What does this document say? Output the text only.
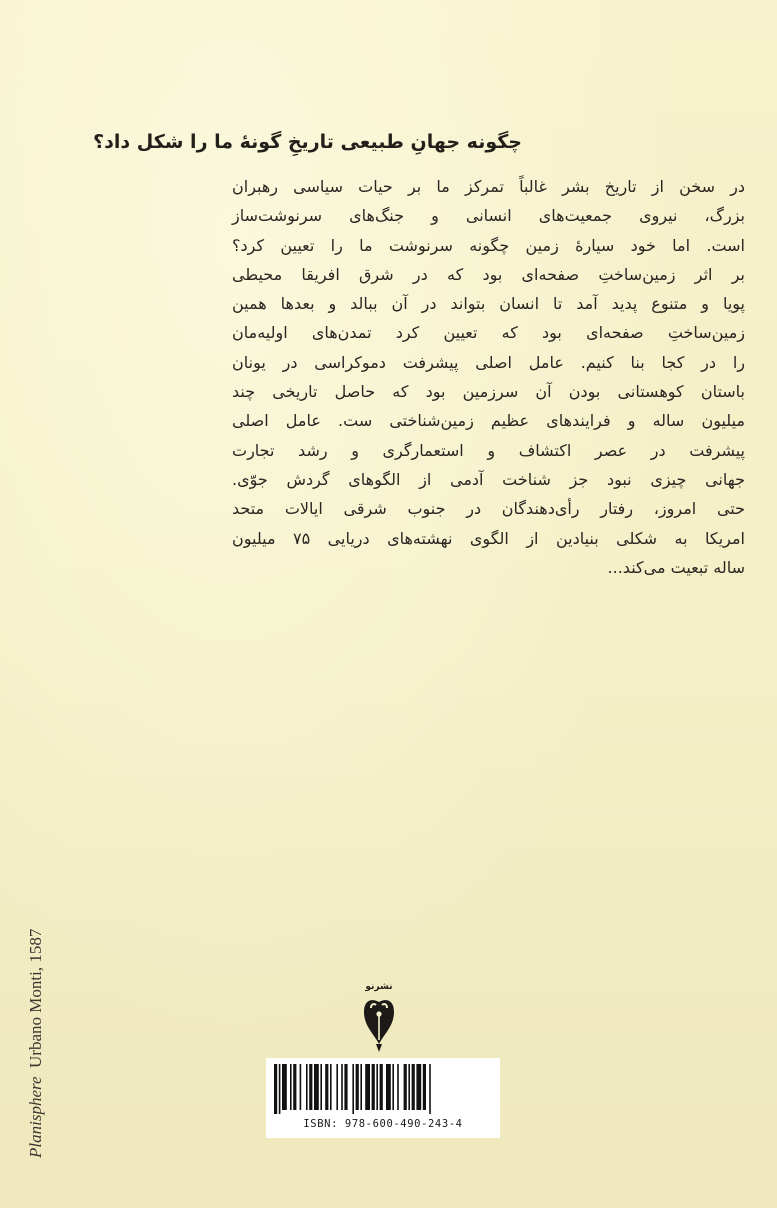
چگونه جهانِ طبیعی تاریخِ گونهٔ ما را شکل داد؟
در سخن از تاریخ بشر غالباً تمرکز ما بر حیات سیاسی رهبران
بزرگ، نیروی جمعیت‌های انسانی و جنگ‌های سرنوشت‌ساز
است. اما خود سیارهٔ زمین چگونه سرنوشت ما را تعیین کرد؟
بر اثر زمین‌ساختِ صفحه‌ای بود که در شرق افریقا محیطی
پویا و متنوع پدید آمد تا انسان بتواند در آن ببالد و بعدها همین
زمین‌ساختِ صفحه‌ای بود که تعیین کرد تمدن‌های اولیه‌مان
را در کجا بنا کنیم. عامل اصلی پیشرفت دموکراسی در یونان
باستان کوهستانی بودن آن سرزمین بود که حاصل تاریخی چند
میلیون ساله و فرایندهای عظیم زمین‌شناختی ست. عامل اصلی
پیشرفت در عصر اکتشاف و استعمارگری و رشد تجارت
جهانی چیزی نبود جز شناخت آدمی از الگوهای گردش جوّی.
حتی امروز، رفتار رأی‌دهندگان در جنوب شرقی ایالات متحد
امریکا به شکلی بنیادین از الگوی نهشته‌های دریایی ۷۵ میلیون
ساله تبعیت می‌کند...
Planisphere  Urbano Monti, 1587	نشرنو
ISBN: 978-600-490-243-4
